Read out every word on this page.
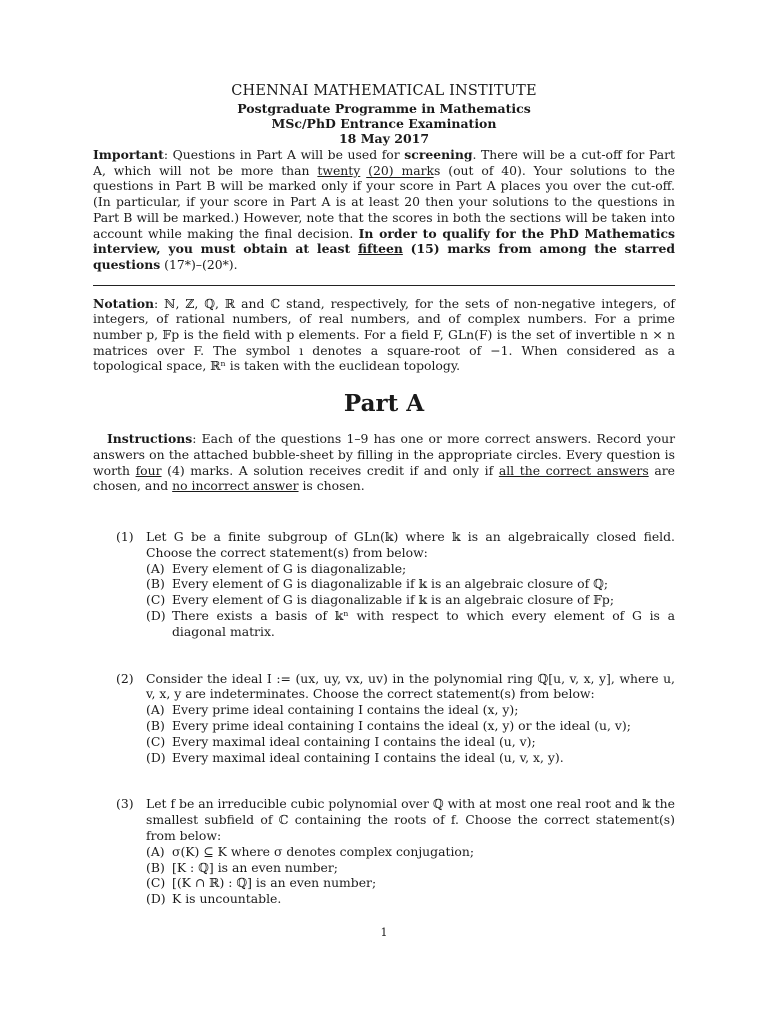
CHENNAI MATHEMATICAL INSTITUTE
Postgraduate Programme in Mathematics
MSc/PhD Entrance Examination
18 May 2017
Important: Questions in Part A will be used for screening. There will be a cut-off for Part A, which will not be more than twenty (20) marks (out of 40). Your solutions to the questions in Part B will be marked only if your score in Part A places you over the cut-off. (In particular, if your score in Part A is at least 20 then your solutions to the questions in Part B will be marked.) However, note that the scores in both the sections will be taken into account while making the final decision. In order to qualify for the PhD Mathematics interview, you must obtain at least fifteen (15) marks from among the starred questions (17*)–(20*).
Notation: ℕ, ℤ, ℚ, ℝ and ℂ stand, respectively, for the sets of non-negative integers, of integers, of rational numbers, of real numbers, and of complex numbers. For a prime number p, 𝔽p is the field with p elements. For a field F, GLn(F) is the set of invertible n × n matrices over F. The symbol ı denotes a square-root of −1. When considered as a topological space, ℝⁿ is taken with the euclidean topology.
Part A
Instructions: Each of the questions 1–9 has one or more correct answers. Record your answers on the attached bubble-sheet by filling in the appropriate circles. Every question is worth four (4) marks. A solution receives credit if and only if all the correct answers are chosen, and no incorrect answer is chosen.
(1) Let G be a finite subgroup of GLn(𝕜) where 𝕜 is an algebraically closed field. Choose the correct statement(s) from below:
(A) Every element of G is diagonalizable;
(B) Every element of G is diagonalizable if 𝕜 is an algebraic closure of ℚ;
(C) Every element of G is diagonalizable if 𝕜 is an algebraic closure of 𝔽p;
(D) There exists a basis of 𝕜ⁿ with respect to which every element of G is a diagonal matrix.
(2) Consider the ideal I := (ux, uy, vx, uv) in the polynomial ring ℚ[u, v, x, y], where u, v, x, y are indeterminates. Choose the correct statement(s) from below:
(A) Every prime ideal containing I contains the ideal (x, y);
(B) Every prime ideal containing I contains the ideal (x, y) or the ideal (u, v);
(C) Every maximal ideal containing I contains the ideal (u, v);
(D) Every maximal ideal containing I contains the ideal (u, v, x, y).
(3) Let f be an irreducible cubic polynomial over ℚ with at most one real root and 𝕜 the smallest subfield of ℂ containing the roots of f. Choose the correct statement(s) from below:
(A) σ(K) ⊆ K where σ denotes complex conjugation;
(B) [K : ℚ] is an even number;
(C) [(K ∩ ℝ) : ℚ] is an even number;
(D) K is uncountable.
1
